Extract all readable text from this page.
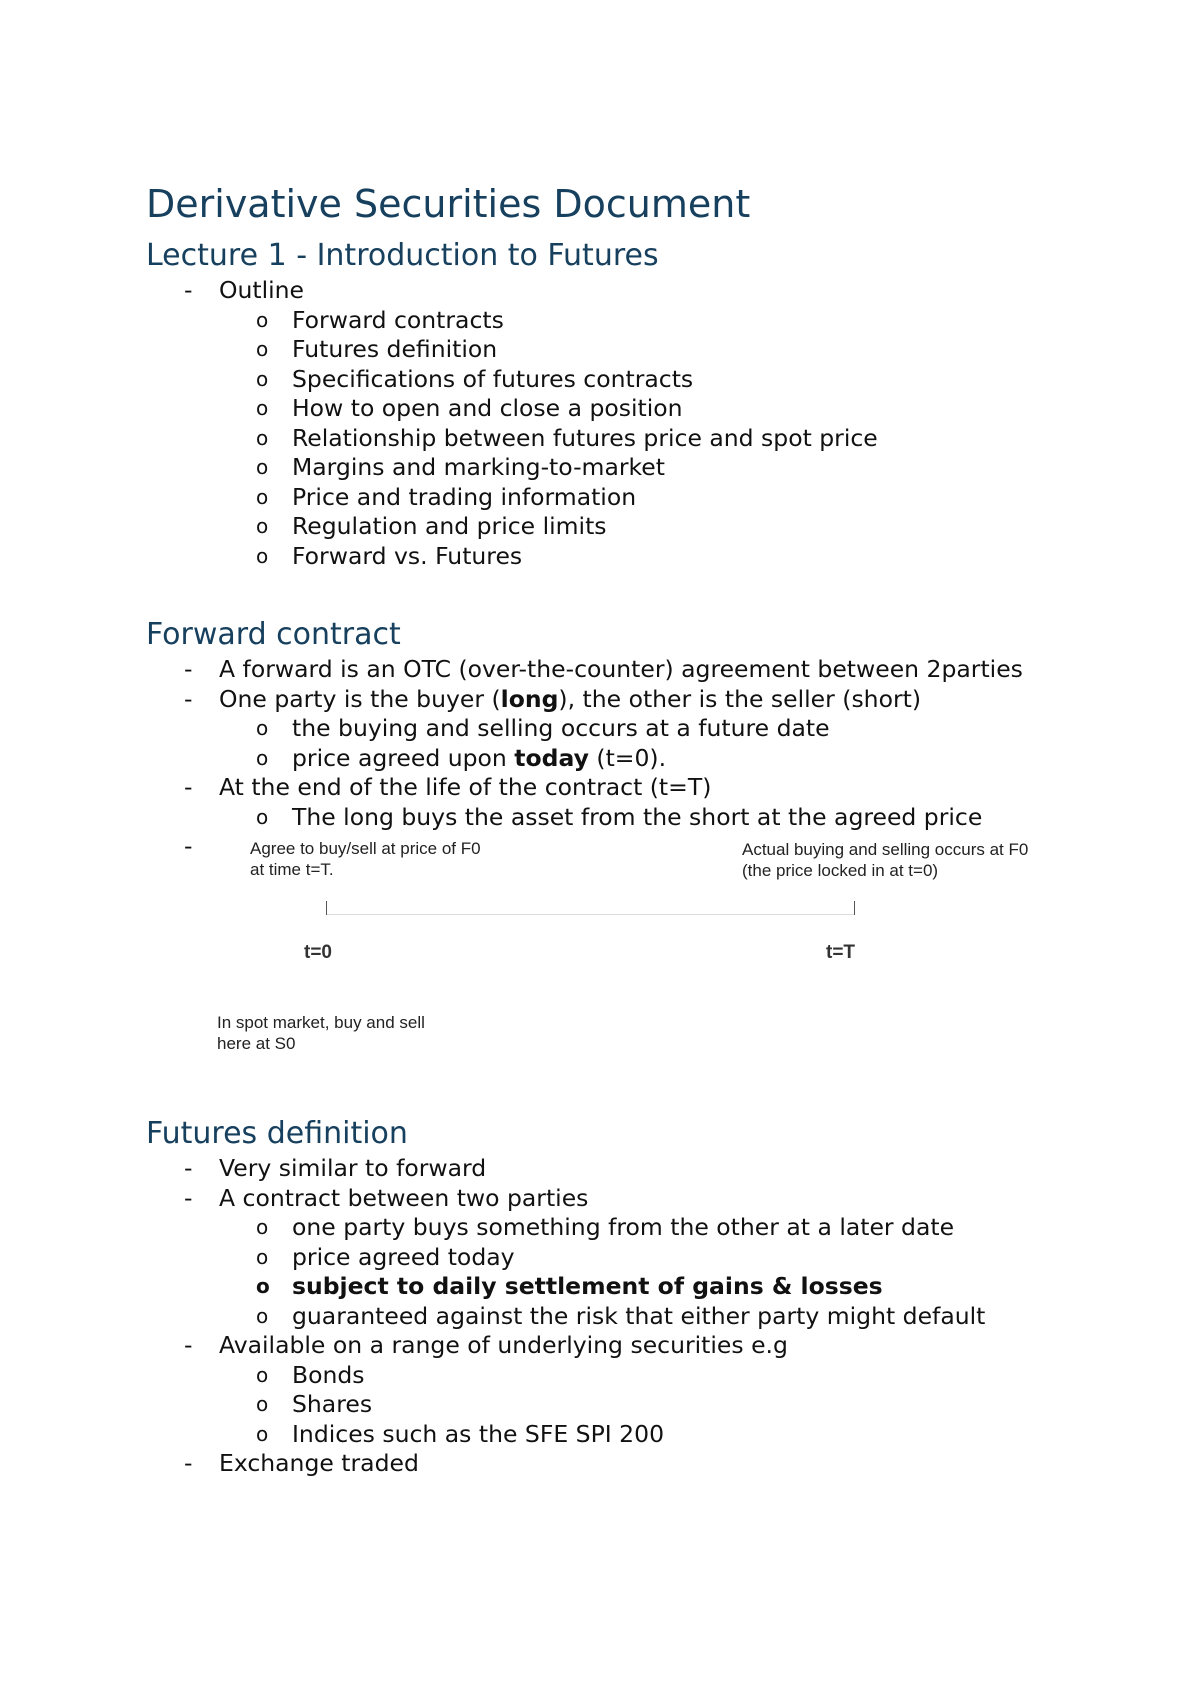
Derivative Securities Document
Lecture 1 - Introduction to Futures
- Outline
o Forward contracts
o Futures definition
o Specifications of futures contracts
o How to open and close a position
o Relationship between futures price and spot price
o Margins and marking-to-market
o Price and trading information
o Regulation and price limits
o Forward vs. Futures
Forward contract
- A forward is an OTC (over-the-counter) agreement between 2parties
- One party is the buyer (long), the other is the seller (short)
o the buying and selling occurs at a future date
o price agreed upon today (t=0).
- At the end of the life of the contract (t=T)
o The long buys the asset from the short at the agreed price
-	Agree to buy/sell at price of F0
at time t=T.
Actual buying and selling occurs at F0
(the price locked in at t=0)
t=0	t=T
In spot market, buy and sell
here at S0
Futures definition
- Very similar to forward
- A contract between two parties
o one party buys something from the other at a later date
o price agreed today
o subject to daily settlement of gains & losses
o guaranteed against the risk that either party might default
- Available on a range of underlying securities e.g
o Bonds
o Shares
o Indices such as the SFE SPI 200
- Exchange traded
